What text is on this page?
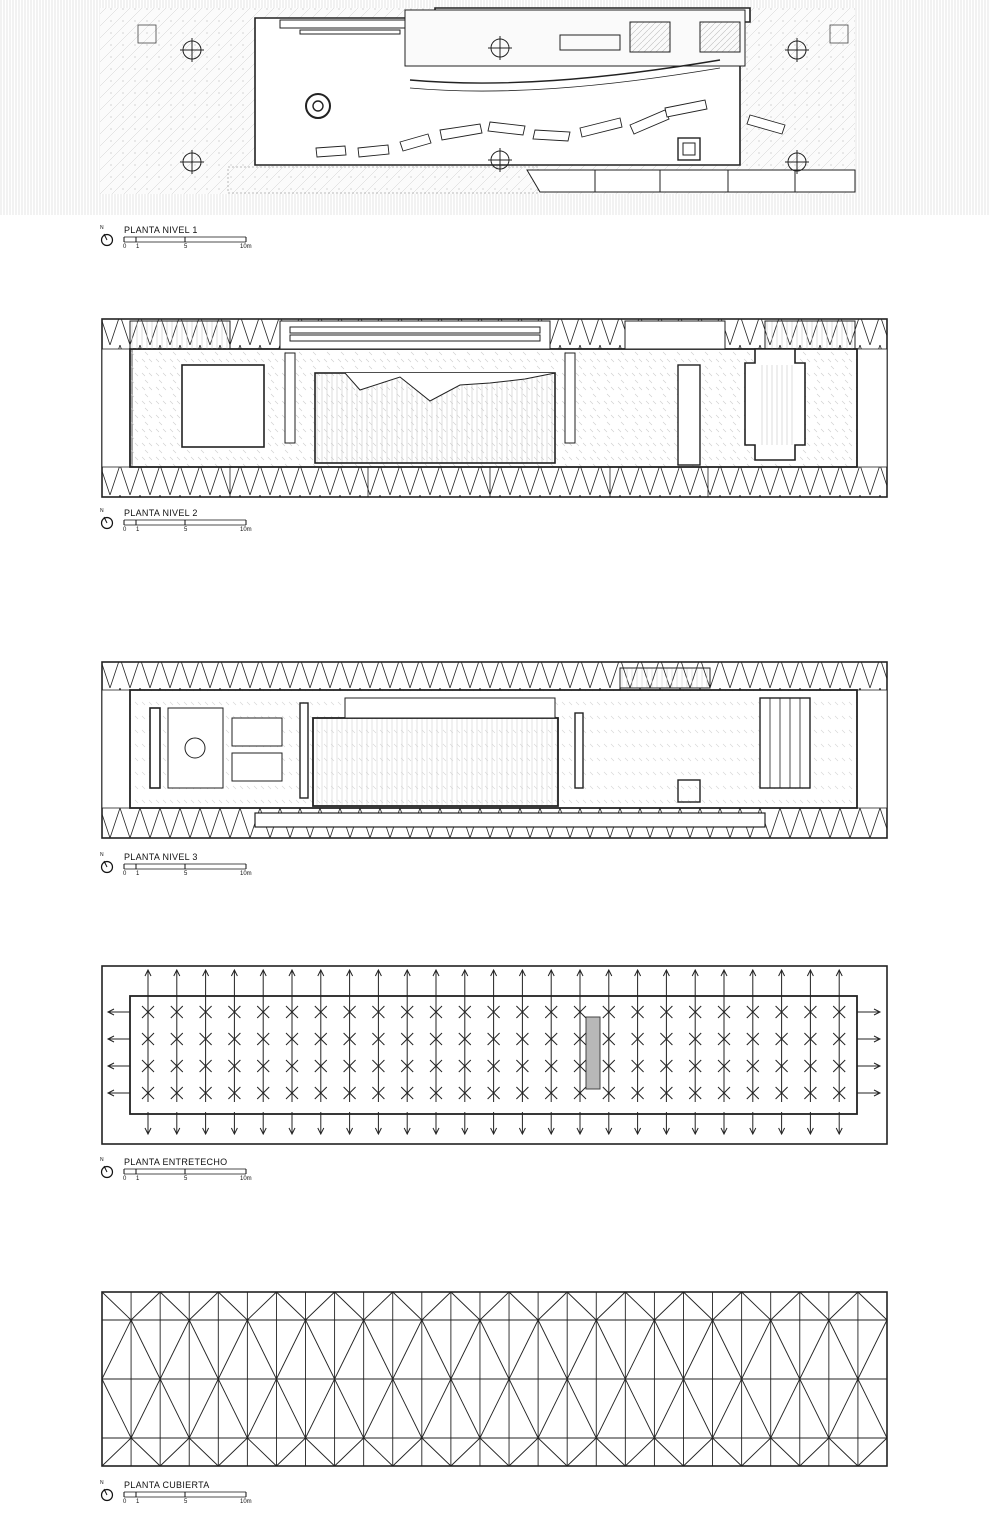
N PLANTA NIVEL 1
0 1	5	10m
N PLANTA NIVEL 2
0 1	5	10m
N PLANTA NIVEL 3
0 1	5	10m
N PLANTA ENTRETECHO
0 1	5	10m
N PLANTA CUBIERTA
0 1	5	10m
